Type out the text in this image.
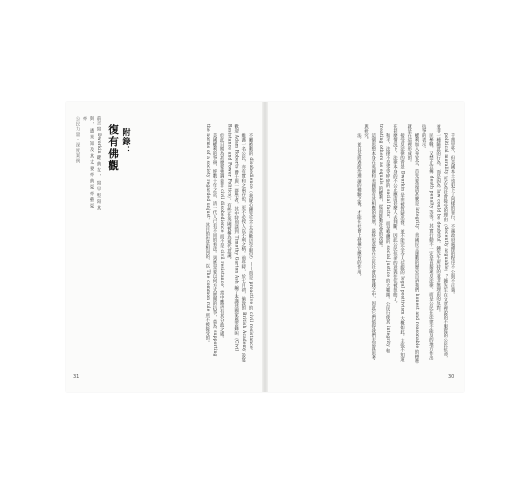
公民力量・深度案例	前言 寫 Dworkin 鍵 典 女 ， 寫 早 堅 寫 其 與 ， 遭 米 知 及 其 丈 妻 亦 典 夏 亦 藝 夏 亦
復有佛觀 附錄：	不屬被動的 disobedience（我疑心鍾先生不太喜歡這字眼兒）——而是 proactive 的 civil resistance。

維護一名公民，亦有實和之兩存也，更不必授人以不利之柄。前些時，於七月初，倫敦的 British Academy 設宴歡迎 Adam Roberts 爵士與一群學者，其中特別談到 Timothy Garton Ash 編了本講述國家風雲錄叫《Civil Resistance and Power Politics》，有些在英國被稱為現代意識。

於此日期為甚麼要強調並非 civil disobedience 而不是 civil resistance，當中應該有其分歧之處。

美國權利的爭辯，經數十年之訟，清一代人已有不同的看法。到底是要以何方式展開的抗爭，莫為 supporting the norms of a society regarded unjust，其目的也是相同的，以 The common rule 所不被接受的。

31

千萬里外，但美國本土也犯下了同樣的罪行，不滿政府處理的程序不公與不正義。

political morality 可否為社會接受的理由（decently arguable）？鍾先生在文章裡說的不服從的公民抗命，並非一種隨意的行為，而是因為 law could be doubtful，鍾先生所持的並非無理由的反對。

民參戰、又禁止宣傳 death penalty 等等。其實行動不一定是直接違反法律，而是公民在法律不能及的地方作出抗爭的表示。

權利加入身安全，首先要認清甚麼是 integrity，美國民主運動的歷史告訴我們 honest and reasonable 的標準就是在這裡形成的。

接受反法律的背景 Dworkin 是由被質疑出發，並不能完全令人信服的 legal positivism 大概如此。主張不知道在甚麼情況下，法律本身的不公正應由甚麼人去判斷，因此公民抗命的意義往往被扭曲了。

和平，法律不是零零碎碎的 social facts，而是整體的 social justice 的大範圍。公民行使其 integrity 和 treating others as equals 的權利，從而推動社會的改變。

這個思想本身在英國和美國都有其相應的發展，最終也落實在公民社會的實踐之中，因此它們值得我們去認真思考與研究。

法，並且是經過政治理論的檢驗之後，才能在社會上發揮它應有的作用。

30
